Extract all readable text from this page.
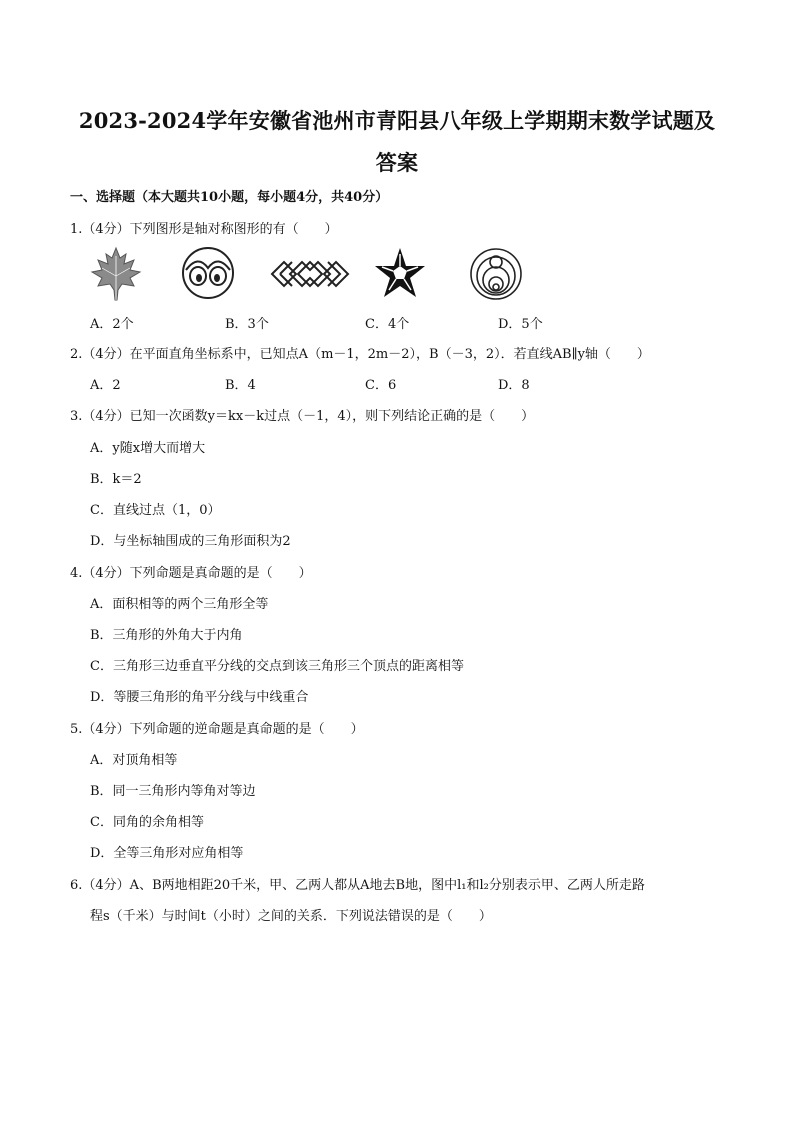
2023-2024学年安徽省池州市青阳县八年级上学期期末数学试题及答案
一、选择题（本大题共10小题，每小题4分，共40分）
1.（4分）下列图形是轴对称图形的有（　　）
A．2个	B．3个	C．4个	D．5个
2.（4分）在平面直角坐标系中，已知点A（m－1，2m－2），B（－3，2）．若直线AB∥y轴（　　）
A．2	B．4	C．6	D．8
3.（4分）已知一次函数y＝kx－k过点（－1，4），则下列结论正确的是（　　）
A．y随x增大而增大
B．k＝2
C．直线过点（1，0）
D．与坐标轴围成的三角形面积为2
4.（4分）下列命题是真命题的是（　　）
A．面积相等的两个三角形全等
B．三角形的外角大于内角
C．三角形三边垂直平分线的交点到该三角形三个顶点的距离相等
D．等腰三角形的角平分线与中线重合
5.（4分）下列命题的逆命题是真命题的是（　　）
A．对顶角相等
B．同一三角形内等角对等边
C．同角的余角相等
D．全等三角形对应角相等
6.（4分）A、B两地相距20千米，甲、乙两人都从A地去B地，图中l₁和l₂分别表示甲、乙两人所走路
程s（千米）与时间t（小时）之间的关系．下列说法错误的是（　　）
